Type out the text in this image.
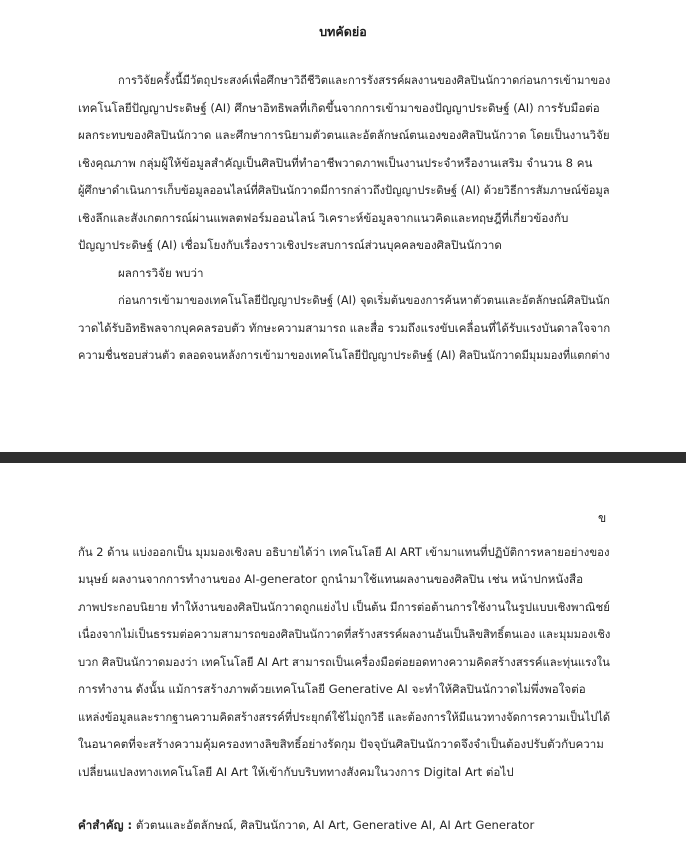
บทคัดย่อ
การวิจัยครั้งนี้มีวัตถุประสงค์เพื่อศึกษาวิถีชีวิตและการรังสรรค์ผลงานของศิลปินนักวาดก่อนการเข้ามาของ
เทคโนโลยีปัญญาประดิษฐ์ (AI) ศึกษาอิทธิพลที่เกิดขึ้นจากการเข้ามาของปัญญาประดิษฐ์ (AI) การรับมือต่อ
ผลกระทบของศิลปินนักวาด และศึกษาการนิยามตัวตนและอัตลักษณ์ตนเองของศิลปินนักวาด โดยเป็นงานวิจัย
เชิงคุณภาพ กลุ่มผู้ให้ข้อมูลสำคัญเป็นศิลปินที่ทำอาชีพวาดภาพเป็นงานประจำหรืองานเสริม จำนวน 8 คน
ผู้ศึกษาดำเนินการเก็บข้อมูลออนไลน์ที่ศิลปินนักวาดมีการกล่าวถึงปัญญาประดิษฐ์ (AI) ด้วยวิธีการสัมภาษณ์ข้อมูล
เชิงลึกและสังเกตการณ์ผ่านแพลตฟอร์มออนไลน์ วิเคราะห์ข้อมูลจากแนวคิดและทฤษฎีที่เกี่ยวข้องกับ
ปัญญาประดิษฐ์ (AI) เชื่อมโยงกับเรื่องราวเชิงประสบการณ์ส่วนบุคคลของศิลปินนักวาด
ผลการวิจัย พบว่า
ก่อนการเข้ามาของเทคโนโลยีปัญญาประดิษฐ์ (AI) จุดเริ่มต้นของการค้นหาตัวตนและอัตลักษณ์ศิลปินนัก
วาดได้รับอิทธิพลจากบุคคลรอบตัว ทักษะความสามารถ และสื่อ รวมถึงแรงขับเคลื่อนที่ได้รับแรงบันดาลใจจาก
ความชื่นชอบส่วนตัว ตลอดจนหลังการเข้ามาของเทคโนโลยีปัญญาประดิษฐ์ (AI) ศิลปินนักวาดมีมุมมองที่แตกต่าง
ข
กัน 2 ด้าน แบ่งออกเป็น มุมมองเชิงลบ อธิบายได้ว่า เทคโนโลยี AI ART เข้ามาแทนที่ปฏิบัติการหลายอย่างของ
มนุษย์ ผลงานจากการทำงานของ AI-generator ถูกนำมาใช้แทนผลงานของศิลปิน เช่น หน้าปกหนังสือ
ภาพประกอบนิยาย ทำให้งานของศิลปินนักวาดถูกแย่งไป เป็นต้น มีการต่อต้านการใช้งานในรูปแบบเชิงพาณิชย์
เนื่องจากไม่เป็นธรรมต่อความสามารถของศิลปินนักวาดที่สร้างสรรค์ผลงานอันเป็นลิขสิทธิ์ตนเอง และมุมมองเชิง
บวก ศิลปินนักวาดมองว่า เทคโนโลยี AI Art สามารถเป็นเครื่องมือต่อยอดทางความคิดสร้างสรรค์และทุ่นแรงใน
การทำงาน ดังนั้น แม้การสร้างภาพด้วยเทคโนโลยี Generative AI จะทำให้ศิลปินนักวาดไม่พึ่งพอใจต่อ
แหล่งข้อมูลและรากฐานความคิดสร้างสรรค์ที่ประยุกต์ใช้ไม่ถูกวิธี และต้องการให้มีแนวทางจัดการความเป็นไปได้
ในอนาคตที่จะสร้างความคุ้มครองทางลิขสิทธิ์อย่างรัดกุม ปัจจุบันศิลปินนักวาดจึงจำเป็นต้องปรับตัวกับความ
เปลี่ยนแปลงทางเทคโนโลยี AI Art ให้เข้ากับบริบททางสังคมในวงการ Digital Art ต่อไป
คำสำคัญ : ตัวตนและอัตลักษณ์, ศิลปินนักวาด, AI Art, Generative AI, AI Art Generator
